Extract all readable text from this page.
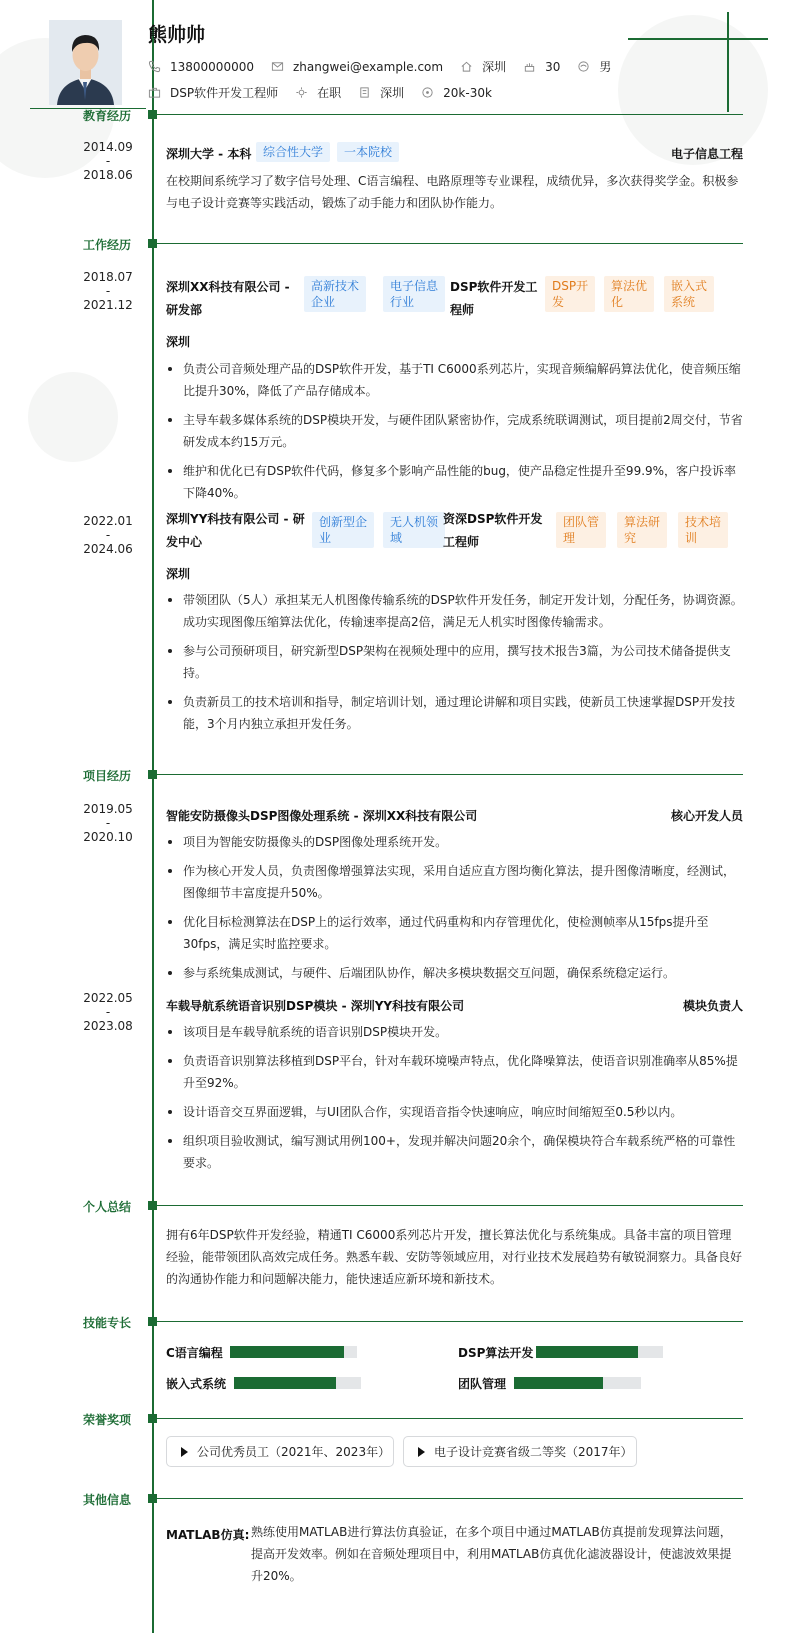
熊帅帅
13800000000	zhangwei@example.com	深圳	30	男
DSP软件开发工程师	在职	深圳	20k-30k
教育经历
2014.09
-
2018.06
深圳大学 - 本科 综合性大学	一本院校	电子信息工程
在校期间系统学习了数字信号处理、C语言编程、电路原理等专业课程，成绩优异，多次获得奖学金。积极参与电子设计竞赛等实践活动，锻炼了动手能力和团队协作能力。
工作经历
2018.07
-
2021.12
深圳XX科技有限公司 -
研发部
高新技术
企业
电子信息
行业
DSP软件开发工
程师
DSP开
发
算法优
化
嵌入式
系统
深圳
负责公司音频处理产品的DSP软件开发，基于TI C6000系列芯片，实现音频编解码算法优化，使音频压缩比提升30%，降低了产品存储成本。
主导车载多媒体系统的DSP模块开发，与硬件团队紧密协作，完成系统联调测试，项目提前2周交付，节省研发成本约15万元。
维护和优化已有DSP软件代码，修复多个影响产品性能的bug，使产品稳定性提升至99.9%，客户投诉率下降40%。
2022.01
-
2024.06
深圳YY科技有限公司 - 研
发中心
创新型企
业
无人机领
域
资深DSP软件开发
工程师
团队管
理
算法研
究
技术培
训
深圳
带领团队（5人）承担某无人机图像传输系统的DSP软件开发任务，制定开发计划，分配任务，协调资源。成功实现图像压缩算法优化，传输速率提高2倍，满足无人机实时图像传输需求。
参与公司预研项目，研究新型DSP架构在视频处理中的应用，撰写技术报告3篇，为公司技术储备提供支持。
负责新员工的技术培训和指导，制定培训计划，通过理论讲解和项目实践，使新员工快速掌握DSP开发技能，3个月内独立承担开发任务。
项目经历
2019.05
-
2020.10
智能安防摄像头DSP图像处理系统 - 深圳XX科技有限公司	核心开发人员
项目为智能安防摄像头的DSP图像处理系统开发。
作为核心开发人员，负责图像增强算法实现，采用自适应直方图均衡化算法，提升图像清晰度，经测试，图像细节丰富度提升50%。
优化目标检测算法在DSP上的运行效率，通过代码重构和内存管理优化，使检测帧率从15fps提升至30fps，满足实时监控要求。
参与系统集成测试，与硬件、后端团队协作，解决多模块数据交互问题，确保系统稳定运行。
2022.05
-
2023.08
车载导航系统语音识别DSP模块 - 深圳YY科技有限公司	模块负责人
该项目是车载导航系统的语音识别DSP模块开发。
负责语音识别算法移植到DSP平台，针对车载环境噪声特点，优化降噪算法，使语音识别准确率从85%提升至92%。
设计语音交互界面逻辑，与UI团队合作，实现语音指令快速响应，响应时间缩短至0.5秒以内。
组织项目验收测试，编写测试用例100+，发现并解决问题20余个，确保模块符合车载系统严格的可靠性要求。
个人总结
拥有6年DSP软件开发经验，精通TI C6000系列芯片开发，擅长算法优化与系统集成。具备丰富的项目管理经验，能带领团队高效完成任务。熟悉车载、安防等领域应用，对行业技术发展趋势有敏锐洞察力。具备良好的沟通协作能力和问题解决能力，能快速适应新环境和新技术。
技能专长
C语言编程	DSP算法开发
嵌入式系统	团队管理
荣誉奖项
公司优秀员工（2021年、2023年）	电子设计竞赛省级二等奖（2017年）
其他信息
MATLAB仿真: 熟练使用MATLAB进行算法仿真验证，在多个项目中通过MATLAB仿真提前发现算法问题，提高开发效率。例如在音频处理项目中，利用MATLAB仿真优化滤波器设计，使滤波效果提升20%。
